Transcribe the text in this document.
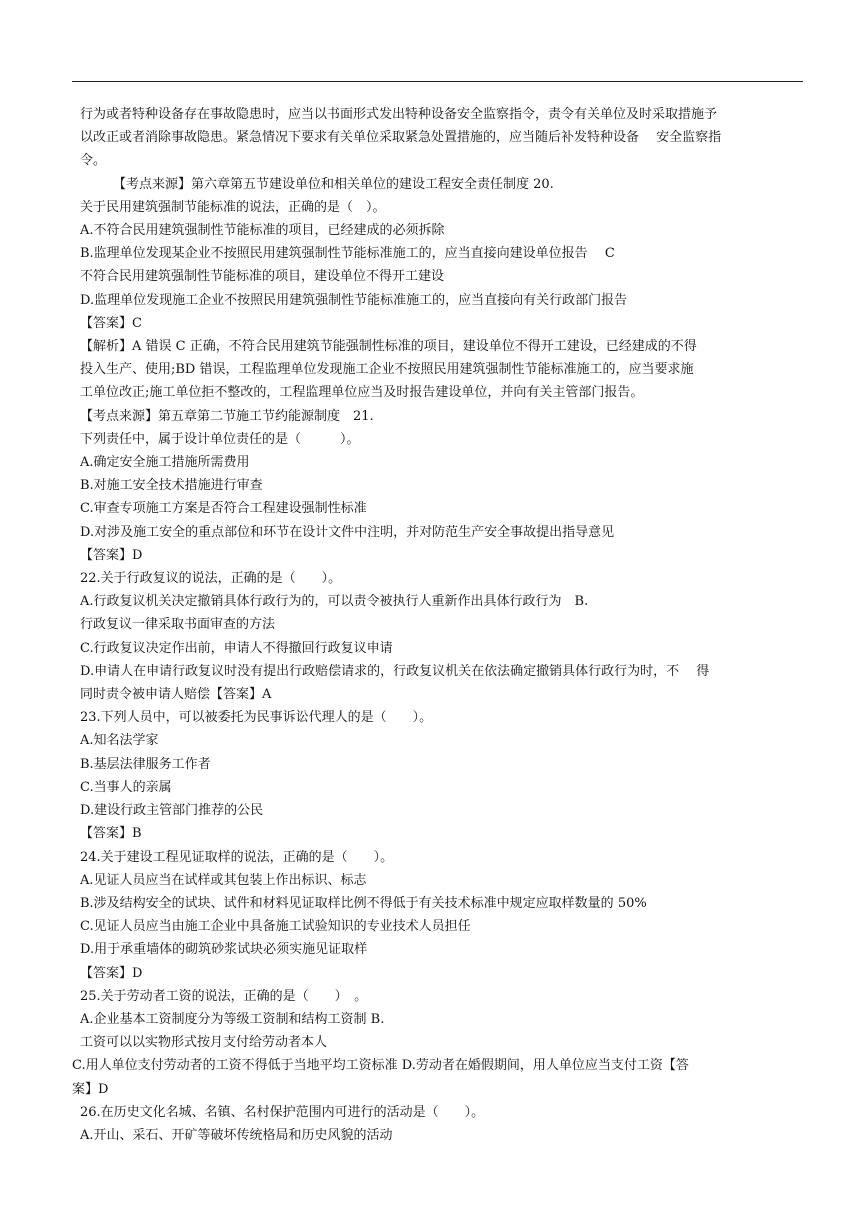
行为或者特种设备存在事故隐患时，应当以书面形式发出特种设备安全监察指令，责令有关单位及时采取措施予

以改正或者消除事故隐患。紧急情况下要求有关单位采取紧急处置措施的，应当随后补发特种设备　 安全监察指

令。

【考点来源】第六章第五节建设单位和相关单位的建设工程安全责任制度 20.

关于民用建筑强制节能标准的说法，正确的是（　）。

A.不符合民用建筑强制性节能标准的项目，已经建成的必须拆除

B.监理单位发现某企业不按照民用建筑强制性节能标准施工的，应当直接向建设单位报告　 C

不符合民用建筑强制性节能标准的项目，建设单位不得开工建设

D.监理单位发现施工企业不按照民用建筑强制性节能标准施工的，应当直接向有关行政部门报告

【答案】C

【解析】A 错误 C 正确，不符合民用建筑节能强制性标准的项目，建设单位不得开工建设，已经建成的不得

投入生产、使用;BD 错误，工程监理单位发现施工企业不按照民用建筑强制性节能标准施工的，应当要求施

工单位改正;施工单位拒不整改的，工程监理单位应当及时报告建设单位，并向有关主管部门报告。

【考点来源】第五章第二节施工节约能源制度　21.

下列责任中，属于设计单位责任的是（　　　）。

A.确定安全施工措施所需费用

B.对施工安全技术措施进行审查

C.审查专项施工方案是否符合工程建设强制性标准

D.对涉及施工安全的重点部位和环节在设计文件中注明，并对防范生产安全事故提出指导意见

【答案】D

22.关于行政复议的说法，正确的是（　　）。

A.行政复议机关决定撤销具体行政行为的，可以责令被执行人重新作出具体行政行为　B.

行政复议一律采取书面审查的方法

C.行政复议决定作出前，申请人不得撤回行政复议申请

D.申请人在申请行政复议时没有提出行政赔偿请求的，行政复议机关在依法确定撤销具体行政行为时，不　 得

同时责令被申请人赔偿【答案】A

23.下列人员中，可以被委托为民事诉讼代理人的是（　　）。

A.知名法学家

B.基层法律服务工作者

C.当事人的亲属

D.建设行政主管部门推荐的公民

【答案】B

24.关于建设工程见证取样的说法，正确的是（　　）。

A.见证人员应当在试样或其包装上作出标识、标志

B.涉及结构安全的试块、试件和材料见证取样比例不得低于有关技术标准中规定应取样数量的 50%

C.见证人员应当由施工企业中具备施工试验知识的专业技术人员担任

D.用于承重墙体的砌筑砂浆试块必须实施见证取样

【答案】D

25.关于劳动者工资的说法，正确的是（　　）　。

A.企业基本工资制度分为等级工资制和结构工资制 B.

工资可以以实物形式按月支付给劳动者本人

C.用人单位支付劳动者的工资不得低于当地平均工资标准 D.劳动者在婚假期间，用人单位应当支付工资【答

案】D

26.在历史文化名城、名镇、名村保护范围内可进行的活动是（　　）。

A.开山、采石、开矿等破坏传统格局和历史风貌的活动
